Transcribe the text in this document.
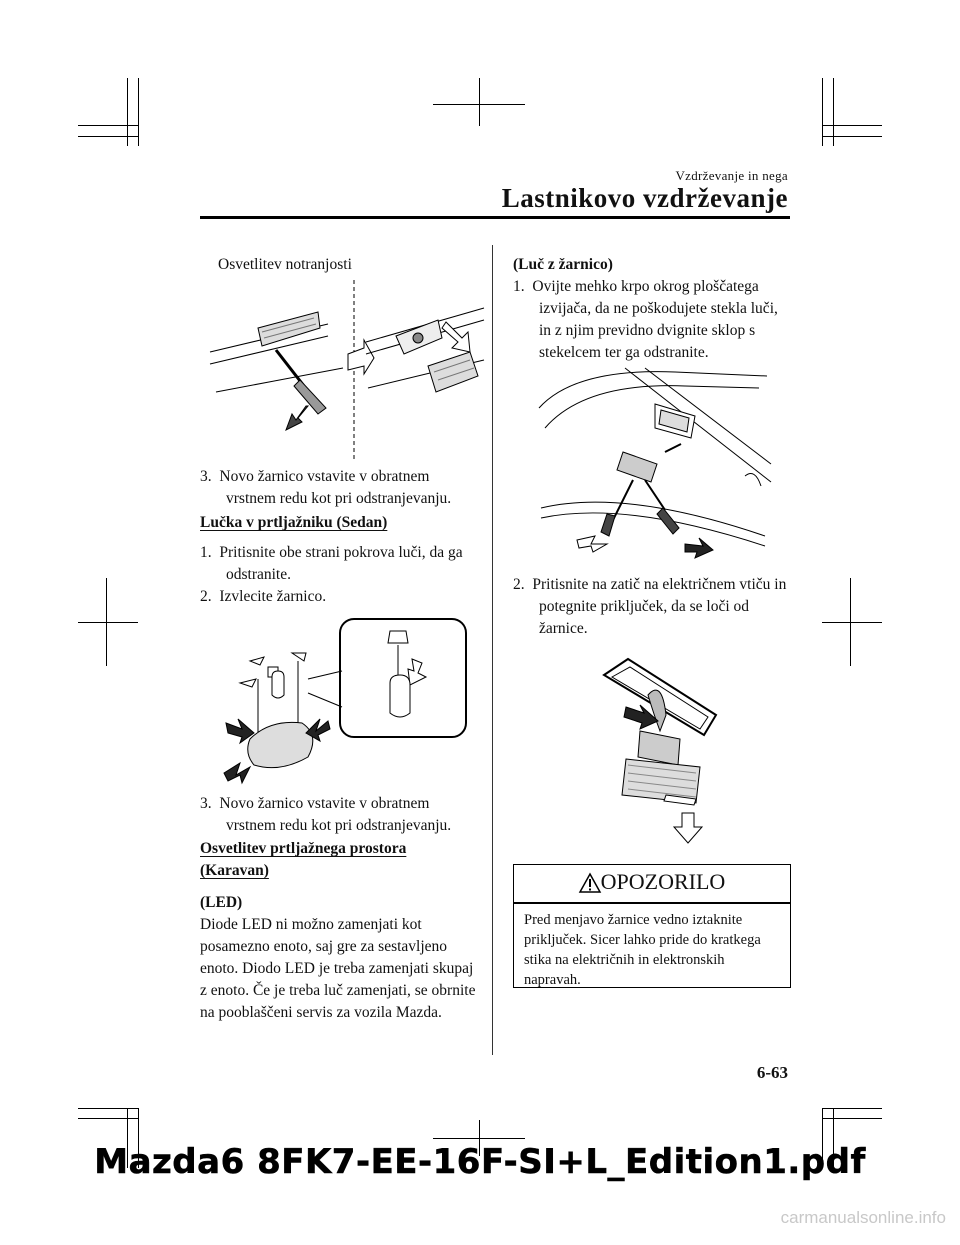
Vzdrževanje in nega
Lastnikovo vzdrževanje
Osvetlitev notranjosti
3. Novo žarnico vstavite v obratnem vrstnem redu kot pri odstranjevanju.
Lučka v prtljažniku (Sedan)
1. Pritisnite obe strani pokrova luči, da ga odstranite.
2. Izvlecite žarnico.
3. Novo žarnico vstavite v obratnem vrstnem redu kot pri odstranjevanju.
Osvetlitev prtljažnega prostora
(Karavan)
(LED)
Diode LED ni možno zamenjati kot posamezno enoto, saj gre za sestavljeno enoto. Diodo LED je treba zamenjati skupaj z enoto. Če je treba luč zamenjati, se obrnite na pooblaščeni servis za vozila Mazda.
(Luč z žarnico)
1. Ovijte mehko krpo okrog ploščatega izvijača, da ne poškodujete stekla luči, in z njim previdno dvignite sklop s stekelcem ter ga odstranite.
2. Pritisnite na zatič na električnem vtiču in potegnite priključek, da se loči od žarnice.
OPOZORILO
Pred menjavo žarnice vedno iztaknite priključek. Sicer lahko pride do kratkega stika na električnih in elektronskih napravah.
6-63
Mazda6 8FK7-EE-16F-SI+L_Edition1.pdf
carmanualsonline.info
